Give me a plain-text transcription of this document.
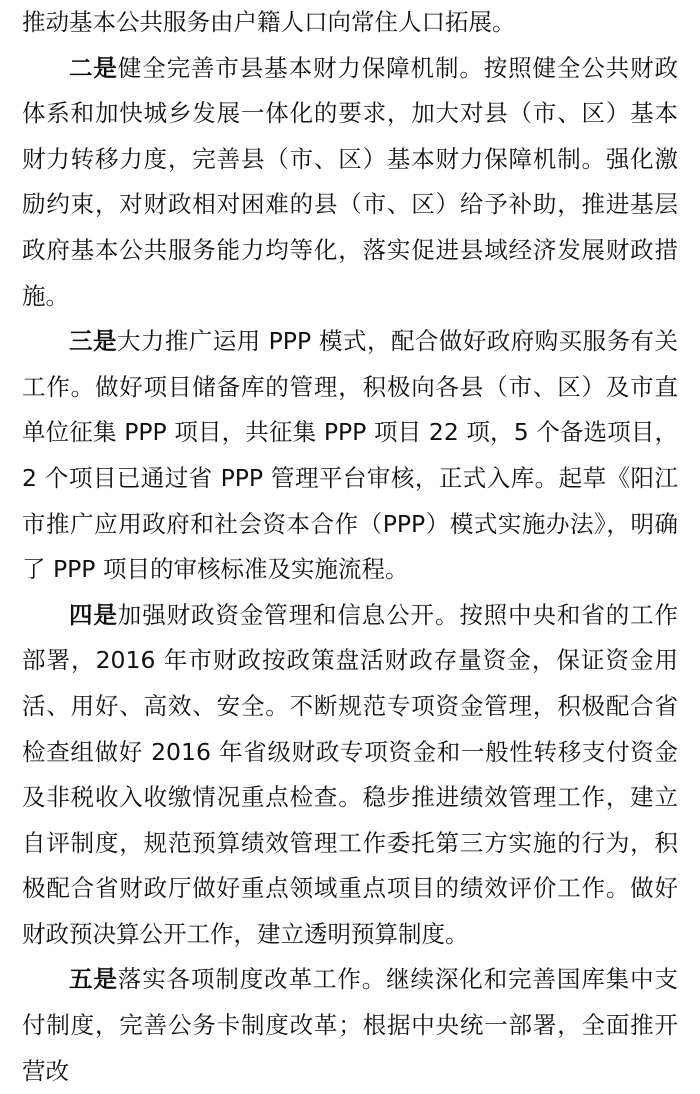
推动基本公共服务由户籍人口向常住人口拓展。

二是健全完善市县基本财力保障机制。按照健全公共财政体系和加快城乡发展一体化的要求，加大对县（市、区）基本财力转移力度，完善县（市、区）基本财力保障机制。强化激励约束，对财政相对困难的县（市、区）给予补助，推进基层政府基本公共服务能力均等化，落实促进县域经济发展财政措施。

三是大力推广运用 PPP 模式，配合做好政府购买服务有关工作。做好项目储备库的管理，积极向各县（市、区）及市直单位征集 PPP 项目，共征集 PPP 项目 22 项，5 个备选项目，2 个项目已通过省 PPP 管理平台审核，正式入库。起草《阳江市推广应用政府和社会资本合作（PPP）模式实施办法》，明确了 PPP 项目的审核标准及实施流程。

四是加强财政资金管理和信息公开。按照中央和省的工作部署，2016 年市财政按政策盘活财政存量资金，保证资金用活、用好、高效、安全。不断规范专项资金管理，积极配合省检查组做好 2016 年省级财政专项资金和一般性转移支付资金及非税收入收缴情况重点检查。稳步推进绩效管理工作，建立自评制度，规范预算绩效管理工作委托第三方实施的行为，积极配合省财政厅做好重点领域重点项目的绩效评价工作。做好财政预决算公开工作，建立透明预算制度。

五是落实各项制度改革工作。继续深化和完善国库集中支付制度，完善公务卡制度改革；根据中央统一部署，全面推开营改
